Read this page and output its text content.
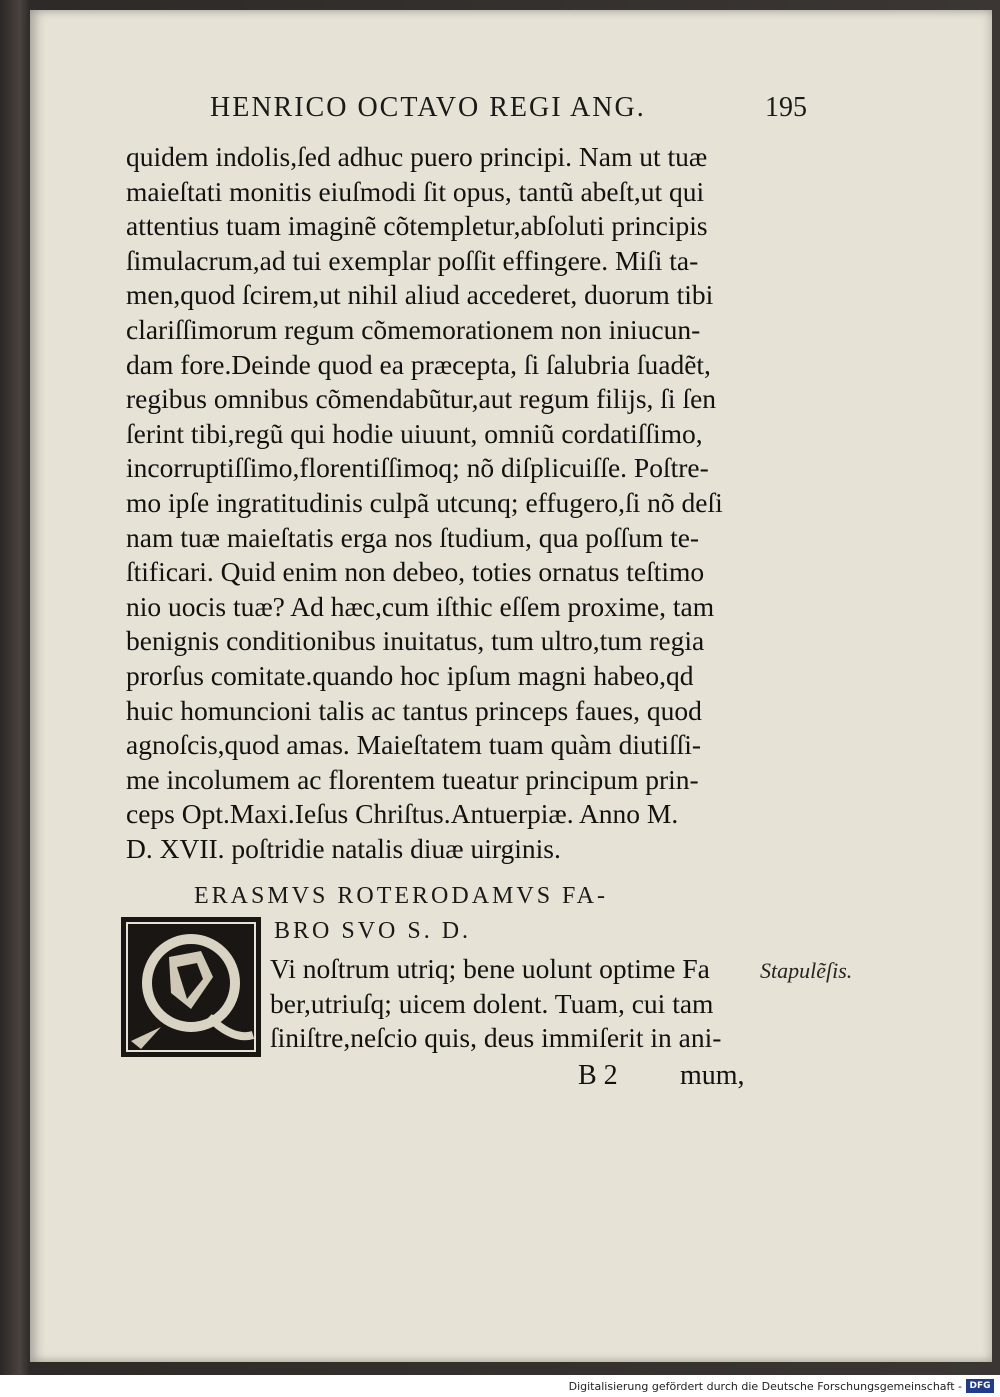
HENRICO OCTAVO REGI ANG.	195
quidem indolis,ſed adhuc puero principi. Nam ut tuæ
maieſtati monitis eiuſmodi ſit opus, tantũ abeſt,ut qui
attentius tuam imaginẽ cõtempletur,abſoluti principis
ſimulacrum,ad tui exemplar poſſit effingere. Miſi ta-
men,quod ſcirem,ut nihil aliud accederet, duorum tibi
clariſſimorum regum cõmemorationem non iniucun-
dam fore.Deinde quod ea præcepta, ſi ſalubria ſuadẽt,
regibus omnibus cõmendabũtur,aut regum filijs, ſi ſen
ſerint tibi,regũ qui hodie uiuunt, omniũ cordatiſſimo,
incorruptiſſimo,florentiſſimoq; nõ diſplicuiſſe. Poſtre-
mo ipſe ingratitudinis culpã utcunq; effugero,ſi nõ deſi
nam tuæ maieſtatis erga nos ſtudium, qua poſſum te-
ſtificari. Quid enim non debeo, toties ornatus teſtimo
nio uocis tuæ? Ad hæc,cum iſthic eſſem proxime, tam
benignis conditionibus inuitatus, tum ultro,tum regia
prorſus comitate.quando hoc ipſum magni habeo,qd
huic homuncioni talis ac tantus princeps faues, quod
agnoſcis,quod amas. Maieſtatem tuam quàm diutiſſi-
me incolumem ac florentem tueatur principum prin-
ceps Opt.Maxi.Ieſus Chriſtus.Antuerpiæ. Anno M.
D. XVII. poſtridie natalis diuæ uirginis.
ERASMVS ROTERODAMVS FA-
BRO SVO S. D.
Vi noſtrum utriq; bene uolunt optime Fa
ber,utriuſq; uicem dolent. Tuam, cui tam
ſiniſtre,neſcio quis, deus immiſerit in ani-
Stapulẽſis.
B 2 mum,
Digitalisierung gefördert durch die Deutsche Forschungsgemeinschaft - DFG
